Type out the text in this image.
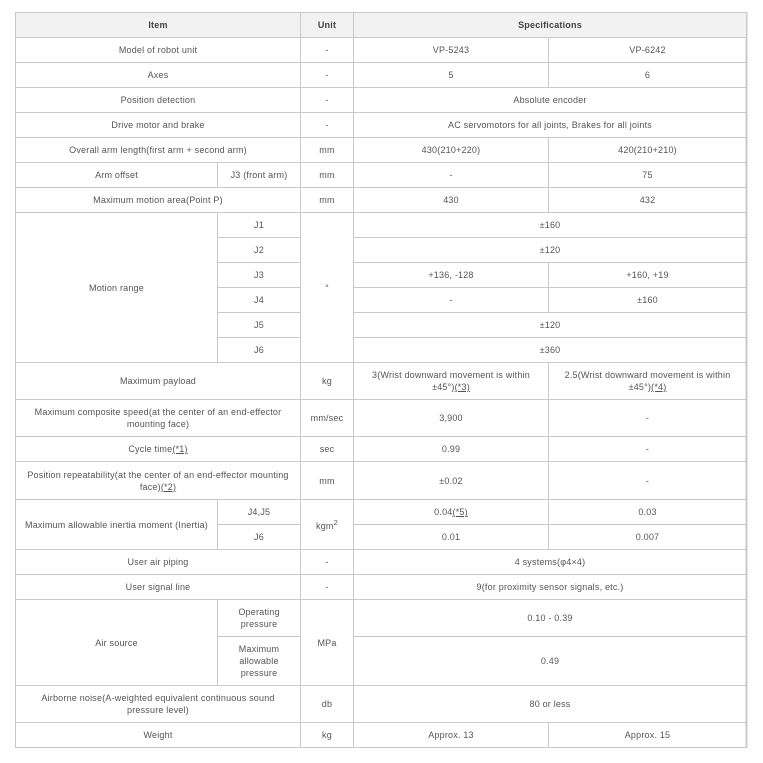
Item		Unit	Specifications	
Model of robot unit		-	VP-5243	VP-6242
Axes		-	5	6
Position detection		-	Absolute encoder	
Drive motor and brake		-	AC servomotors for all joints, Brakes for all joints	
Overall arm length(first arm + second arm)		mm	430(210+220)	420(210+210)
Arm offset	J3 (front arm)	mm	-	75
Maximum motion area(Point P)		mm	430	432
Motion range	J1	°	±160	
	J2		±120	
	J3		+136, -128	+160, +19
	J4		-	±160
	J5		±120	
	J6		±360	
Maximum payload		kg	3(Wrist downward movement is within ±45°)(*3)	2.5(Wrist downward movement is within ±45°)(*4)
Maximum composite speed(at the center of an end-effector mounting face)		mm/sec	3,900	-
Cycle time(*1)		sec	0.99	-
Position repeatability(at the center of an end-effector mounting face)(*2)		mm	±0.02	-
Maximum allowable inertia moment (Inertia)	J4,J5	kgm$^2$	0.04(*5)	0.03
	J6		0.01	0.007
User air piping		-	4 systems(φ4×4)	
User signal line		-	9(for proximity sensor signals, etc.)	
Air source	Operating pressure	MPa	0.10 - 0.39	
	Maximum allowable pressure		0.49	
Airborne noise(A-weighted equivalent continuous sound pressure level)		db	80 or less	
Weight		kg	Approx. 13	Approx. 15
